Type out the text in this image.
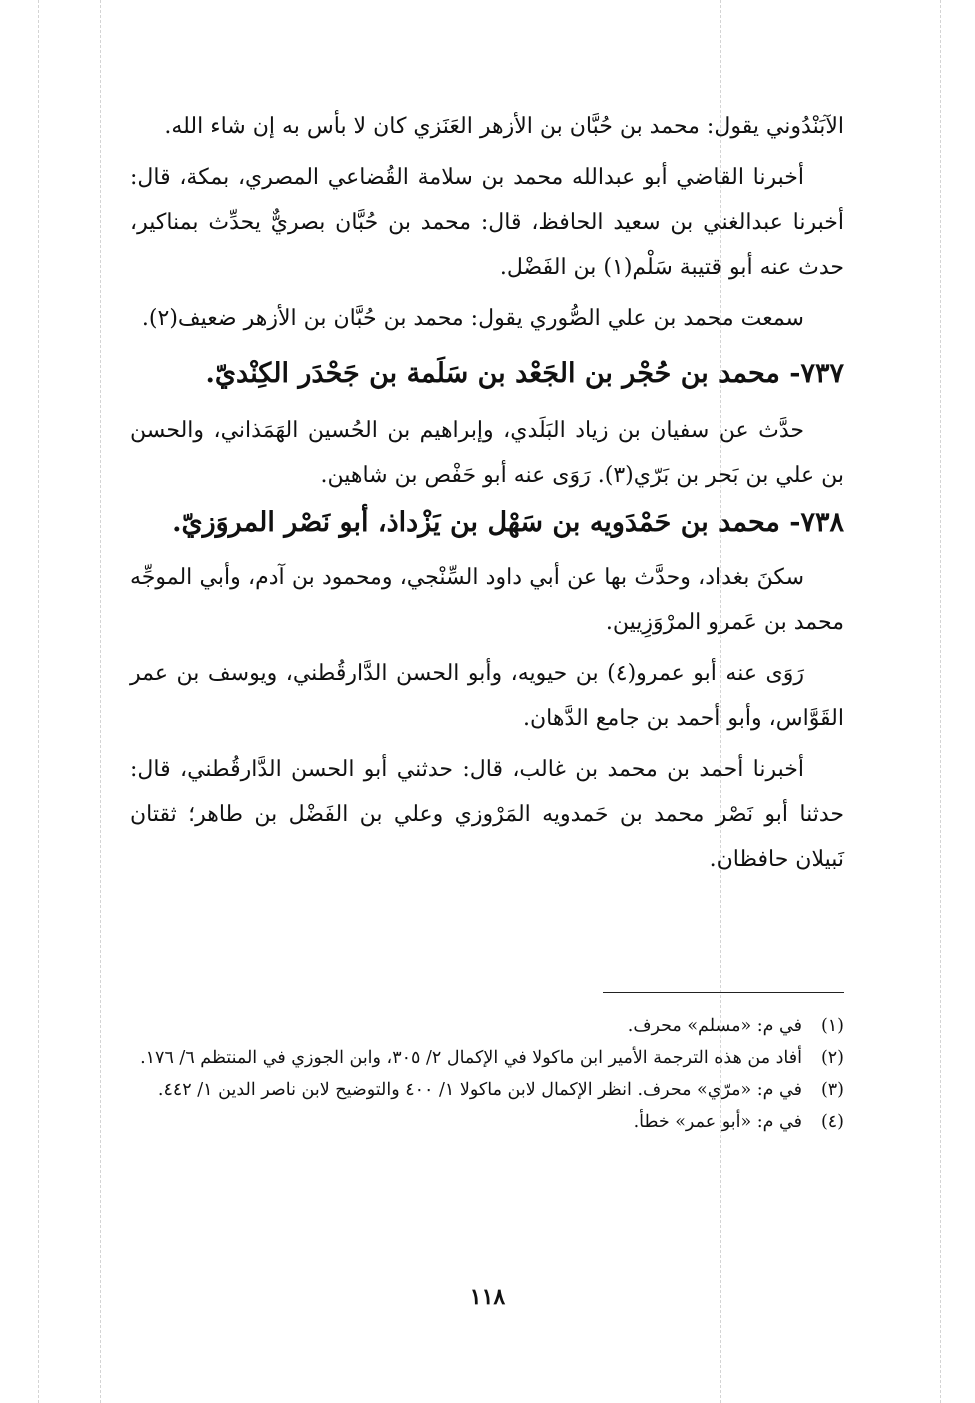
الآبَنْدُوني يقول: محمد بن حُبَّان بن الأزهر العَنَزي كان لا بأس به إن شاء الله.

أخبرنا القاضي أبو عبدالله محمد بن سلامة القُضاعي المصري، بمكة، قال: أخبرنا عبدالغني بن سعيد الحافظ، قال: محمد بن حُبَّان بصريٌّ يحدِّث بمناكير، حدث عنه أبو قتيبة سَلْم(١) بن الفَضْل.

سمعت محمد بن علي الصُّوري يقول: محمد بن حُبَّان بن الأزهر ضعيف(٢).

٧٣٧- محمد بن حُجْر بن الجَعْد بن سَلَمة بن جَحْدَر الكِنْديّ.

حدَّث عن سفيان بن زياد البَلَدي، وإبراهيم بن الحُسين الهَمَذاني، والحسن بن علي بن بَحر بن بَرّي(٣). رَوَى عنه أبو حَفْص بن شاهين.

٧٣٨- محمد بن حَمْدَويه بن سَهْل بن يَزْداذ، أبو نَصْر المروَزيّ.

سكنَ بغداد، وحدَّث بها عن أبي داود السِّنْجي، ومحمود بن آدم، وأبي الموجِّه محمد بن عَمرو المرْوَزِيين.

رَوَى عنه أبو عمرو(٤) بن حيويه، وأبو الحسن الدَّارقُطني، ويوسف بن عمر القَوَّاس، وأبو أحمد بن جامع الدَّهان.

أخبرنا أحمد بن محمد بن غالب، قال: حدثني أبو الحسن الدَّارقُطني، قال: حدثنا أبو نَصْر محمد بن حَمدويه المَرْوزي وعلي بن الفَضْل بن طاهر؛ ثقتان نَبيلان حافظان.

(١)
في م: «مسلم» محرف.
(٢)
أفاد من هذه الترجمة الأمير ابن ماكولا في الإكمال ٢/ ٣٠٥، وابن الجوزي في المنتظم ٦/ ١٧٦.
(٣)
في م: «مرّي» محرف. انظر الإكمال لابن ماكولا ١/ ٤٠٠ والتوضيح لابن ناصر الدين ١/ ٤٤٢.
(٤)
في م: «أبو عمر» خطأ.
١١٨
